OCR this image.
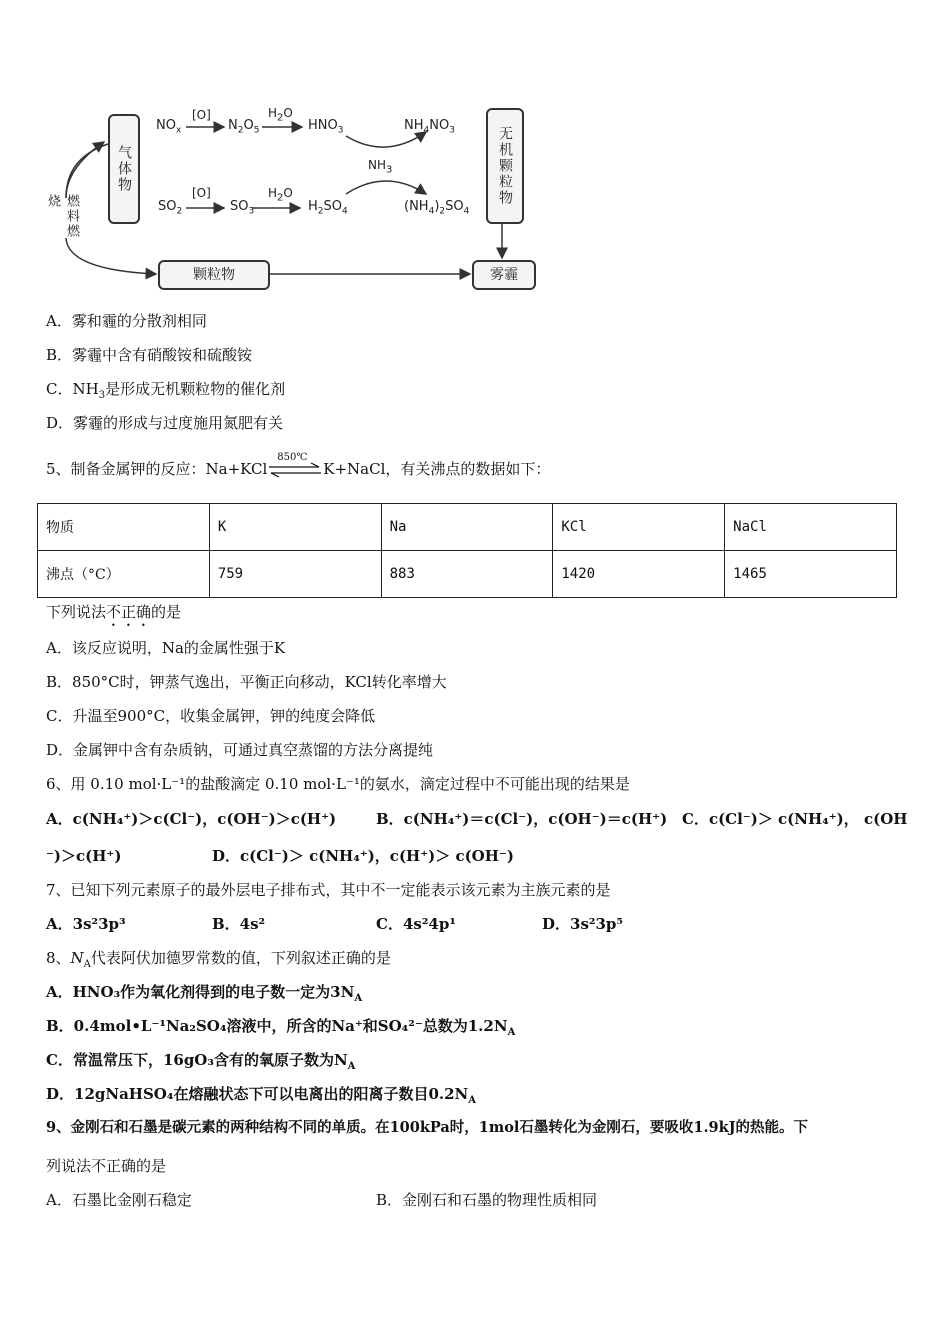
气体物	无机颗粒物
颗粒物	雾霾
燃料燃烧
$NO_x$
[O]
$N_2O_5$
$H_2O$
$HNO_3$	$NH_4NO_3$
$NH_3$
$SO_2$
[O]
$SO_3$
$H_2O$
$H_2SO_4$	$(NH_4)_2SO_4$
A．雾和霾的分散剂相同
B．雾霾中含有硝酸铵和硫酸铵
C．$NH_3$是形成无机颗粒物的催化剂
D．雾霾的形成与过度施用氮肥有关
5、制备金属钾的反应：Na+KCl
850℃
K+NaCl，有关沸点的数据如下：
物质	K	Na	KCl	NaCl
沸点（°C）	759	883	1420	1465
下列说法不正确的是
A．该反应说明，Na的金属性强于K
B．850°C时，钾蒸气逸出，平衡正向移动，KCl转化率增大
C．升温至900°C，收集金属钾，钾的纯度会降低
D．金属钾中含有杂质钠，可通过真空蒸馏的方法分离提纯
6、用 0.10 mol·L⁻¹的盐酸滴定 0.10 mol·L⁻¹的氨水，滴定过程中不可能出现的结果是
A．c(NH₄⁺)＞c(Cl⁻)，c(OH⁻)＞c(H⁺)	B．c(NH₄⁺)＝c(Cl⁻)，c(OH⁻)＝c(H⁺) C．c(Cl⁻)＞ c(NH₄⁺)， c(OH
⁻)＞c(H⁺)	D．c(Cl⁻)＞ c(NH₄⁺)，c(H⁺)＞ c(OH⁻)
7、已知下列元素原子的最外层电子排布式，其中不一定能表示该元素为主族元素的是
A．3s²3p³	B．4s²	C．4s²4p¹	D．3s²3p⁵
8、$N_A$代表阿伏加德罗常数的值，下列叙述正确的是
A．HNO₃作为氧化剂得到的电子数一定为$3N_A$
B．0.4mol•L⁻¹Na₂SO₄溶液中，所含的Na⁺和SO₄²⁻总数为$1.2N_A$
C．常温常压下，16gO₃含有的氧原子数为$N_A$
D．12gNaHSO₄在熔融状态下可以电离出的阳离子数目$0.2N_A$
9、金刚石和石墨是碳元素的两种结构不同的单质。在100kPa时，1mol石墨转化为金刚石，要吸收1.9kJ的热能。下
列说法不正确的是
A．石墨比金刚石稳定	B．金刚石和石墨的物理性质相同
